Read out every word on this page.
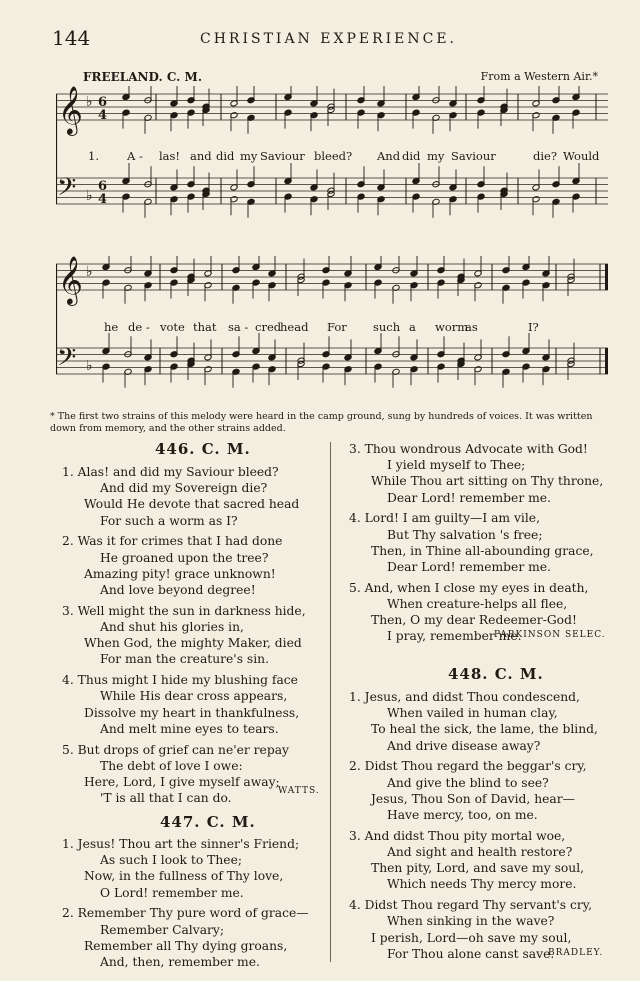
144	CHRISTIAN EXPERIENCE.
FREELAND. C. M.	From a Western Air.*
𝄞 ♭ 6
4
𝄢 ♭
6
4
1. A - las! and did my Saviour bleed? And did my Saviour	die? Would
𝄞 ♭
𝄢 ♭
he de - vote that sa - cred
head For such a worm
as	I?
* The first two strains of this melody were heard in the camp ground, sung by hundreds of voices. It was written down from memory, and the other strains added.
446. C. M.
1. Alas! and did my Saviour bleed?
And did my Sovereign die?
Would He devote that sacred head
For such a worm as I?
2. Was it for crimes that I had done
He groaned upon the tree?
Amazing pity! grace unknown!
And love beyond degree!
3. Well might the sun in darkness hide,
And shut his glories in,
When God, the mighty Maker, died
For man the creature's sin.
4. Thus might I hide my blushing face
While His dear cross appears,
Dissolve my heart in thankfulness,
And melt mine eyes to tears.
5. But drops of grief can ne'er repay
The debt of love I owe:
Here, Lord, I give myself away;
'T is all that I can do.
WATTS.
447. C. M.
1. Jesus! Thou art the sinner's Friend;
As such I look to Thee;
Now, in the fullness of Thy love,
O Lord! remember me.
2. Remember Thy pure word of grace—
Remember Calvary;
Remember all Thy dying groans,
And, then, remember me.
3. Thou wondrous Advocate with God!
I yield myself to Thee;
While Thou art sitting on Thy throne,
Dear Lord! remember me.
4. Lord! I am guilty—I am vile,
But Thy salvation 's free;
Then, in Thine all-abounding grace,
Dear Lord! remember me.
5. And, when I close my eyes in death,
When creature-helps all flee,
Then, O my dear Redeemer-God!
I pray, remember me.
PARKINSON SELEC.
448. C. M.
1. Jesus, and didst Thou condescend,
When vailed in human clay,
To heal the sick, the lame, the blind,
And drive disease away?
2. Didst Thou regard the beggar's cry,
And give the blind to see?
Jesus, Thou Son of David, hear—
Have mercy, too, on me.
3. And didst Thou pity mortal woe,
And sight and health restore?
Then pity, Lord, and save my soul,
Which needs Thy mercy more.
4. Didst Thou regard Thy servant's cry,
When sinking in the wave?
I perish, Lord—oh save my soul,
For Thou alone canst save.
BRADLEY.
